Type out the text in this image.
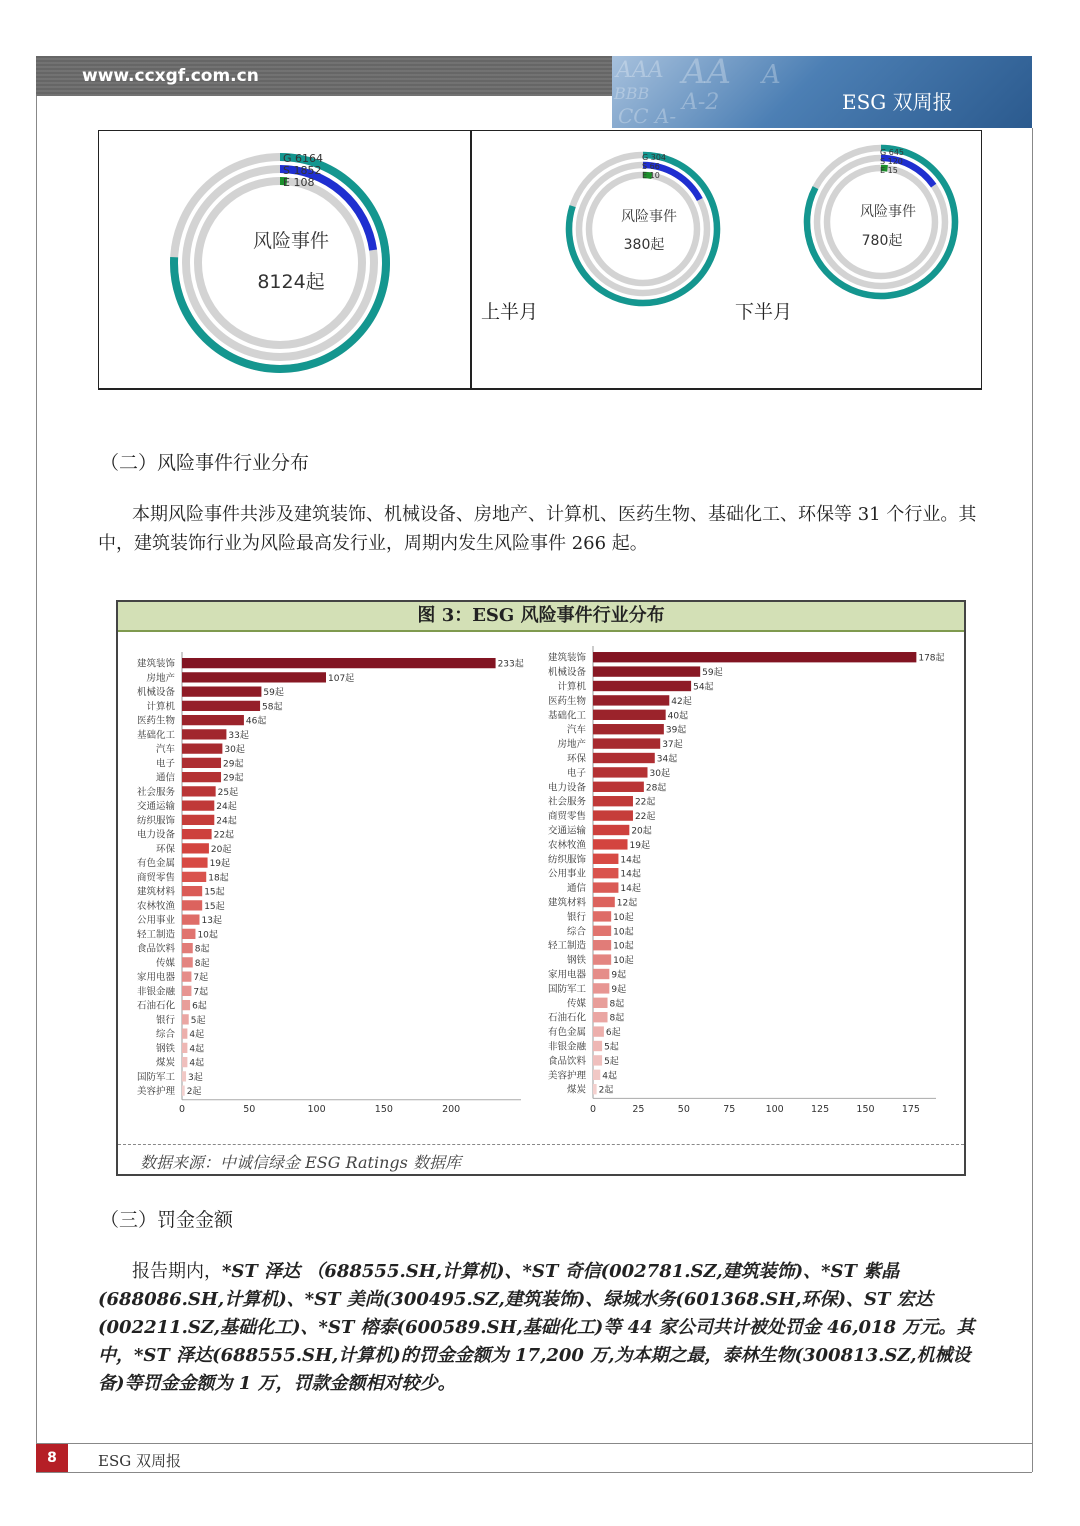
www.ccxgf.com.cn	AAA AA A
BBB A-2
CC A-
ESG 双周报
G 6164
S 1852
E 108
风险事件
8124起
G 304
S 66
E 10
风险事件
380起
G 645
S 120
E 15
风险事件
780起
上半月	下半月
（二）风险事件行业分布

本期风险事件共涉及建筑装饰、机械设备、房地产、计算机、医药生物、基础化工、环保等 31 个行业。其中，建筑装饰行业为风险最高发行业，周期内发生风险事件 266 起。

图 3：ESG 风险事件行业分布
建筑装饰	233起
房地产	107起
机械设备	59起
计算机	58起
医药生物	46起
基础化工	33起
汽车	30起
电子	29起
通信	29起
社会服务	25起
交通运输	24起
纺织服饰	24起
电力设备	22起
环保	20起
有色金属	19起
商贸零售	18起
建筑材料	15起
农林牧渔	15起
公用事业	13起
轻工制造 10起
食品饮料 8起
传媒 8起
家用电器 7起
非银金融 7起
石油石化 6起
银行 5起
综合 4起
钢铁 4起
煤炭 4起
国防军工 3起
美容护理 2起
0	50	100	150	200
建筑装饰	178起
机械设备	59起
计算机	54起
医药生物	42起
基础化工	40起
汽车	39起
房地产	37起
环保	34起
电子	30起
电力设备	28起
社会服务	22起
商贸零售	22起
交通运输	20起
农林牧渔	19起
纺织服饰	14起
公用事业	14起
通信	14起
建筑材料	12起
银行	10起
综合	10起
轻工制造	10起
钢铁	10起
家用电器	9起
国防军工	9起
传媒	8起
石油石化	8起
有色金属 6起
非银金融 5起
食品饮料 5起
美容护理 4起
煤炭 2起
0	25	50	75	100	125	150	175
数据来源：中诚信绿金 ESG Ratings 数据库
（三）罚金金额

报告期内，*ST 泽达 （688555.SH,计算机)、*ST 奇信(002781.SZ,建筑装饰)、*ST 紫晶(688086.SH,计算机)、*ST 美尚(300495.SZ,建筑装饰)、绿城水务(601368.SH,环保)、ST 宏达(002211.SZ,基础化工)、*ST 榕泰(600589.SH,基础化工)等 44 家公司共计被处罚金 46,018 万元。其中，*ST 泽达(688555.SH,计算机)的罚金金额为 17,200 万,为本期之最，泰林生物(300813.SZ,机械设备)等罚金金额为 1 万，罚款金额相对较少。

8	ESG 双周报
